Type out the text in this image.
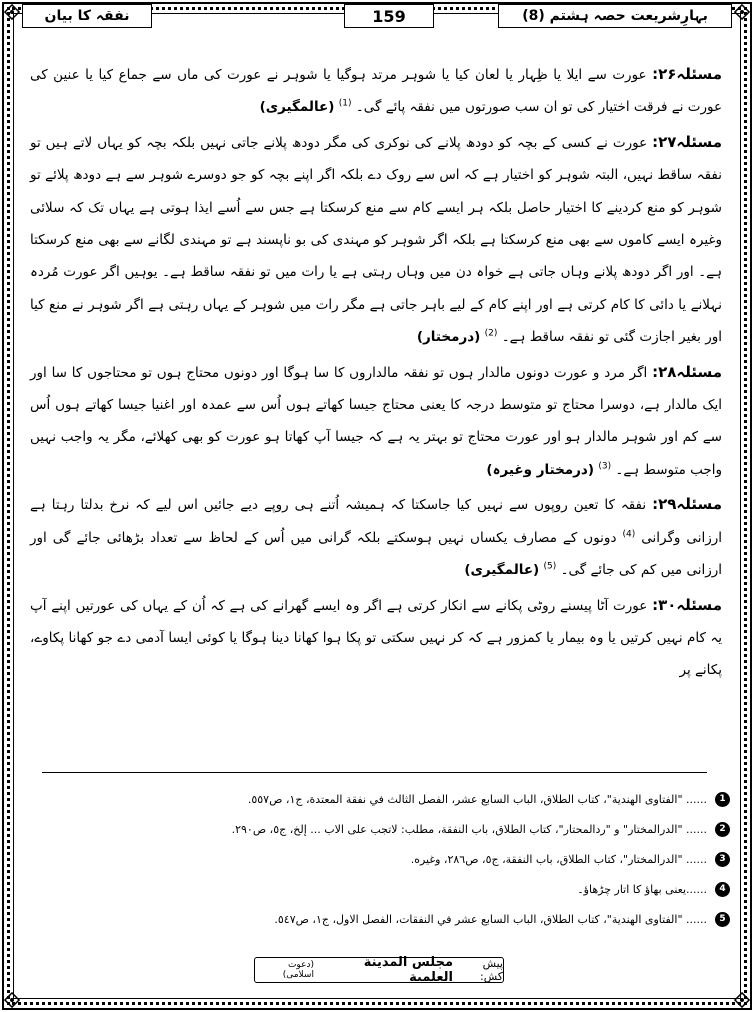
بہارِشریعت حصہ ہشتم (8)
159
نفقہ کا بیان

مسئلہ۲۶: عورت سے ایلا یا ظِہار یا لعان کیا یا شوہر مرتد ہوگیا یا شوہر نے عورت کی ماں سے جماع کیا یا عنین کی عورت نے فرقت اختیار کی تو ان سب صورتوں میں نفقہ پائے گی۔ $^{(1)}$ (عالمگیری)

مسئلہ۲۷: عورت نے کسی کے بچہ کو دودھ پلانے کی نوکری کی مگر دودھ پلانے جاتی نہیں بلکہ بچہ کو یہاں لاتے ہیں تو نفقہ ساقط نہیں، البتہ شوہر کو اختیار ہے کہ اس سے روک دے بلکہ اگر اپنے بچہ کو جو دوسرے شوہر سے ہے دودھ پلائے تو شوہر کو منع کردینے کا اختیار حاصل بلکہ ہر ایسے کام سے منع کرسکتا ہے جس سے اُسے ایذا ہوتی ہے یہاں تک کہ سلائی وغیرہ ایسے کاموں سے بھی منع کرسکتا ہے بلکہ اگر شوہر کو مہندی کی بو ناپسند ہے تو مہندی لگانے سے بھی منع کرسکتا ہے۔ اور اگر دودھ پلانے وہاں جاتی ہے خواہ دن میں وہاں رہتی ہے یا رات میں تو نفقہ ساقط ہے۔ یوہیں اگر عورت مُردہ نہلانے یا دائی کا کام کرتی ہے اور اپنے کام کے لیے باہر جاتی ہے مگر رات میں شوہر کے یہاں رہتی ہے اگر شوہر نے منع کیا اور بغیر اجازت گئی تو نفقہ ساقط ہے۔ $^{(2)}$ (درمختار)

مسئلہ۲۸: اگر مرد و عورت دونوں مالدار ہوں تو نفقہ مالداروں کا سا ہوگا اور دونوں محتاج ہوں تو محتاجوں کا سا اور ایک مالدار ہے، دوسرا محتاج تو متوسط درجہ کا یعنی محتاج جیسا کھاتے ہوں اُس سے عمدہ اور اغنیا جیسا کھاتے ہوں اُس سے کم اور شوہر مالدار ہو اور عورت محتاج تو بہتر یہ ہے کہ جیسا آپ کھاتا ہو عورت کو بھی کھلائے، مگر یہ واجب نہیں واجب متوسط ہے۔ $^{(3)}$ (درمختار وغیرہ)

مسئلہ۲۹: نفقہ کا تعین روپوں سے نہیں کیا جاسکتا کہ ہمیشہ اُتنے ہی روپے دیے جائیں اس لیے کہ نرخ بدلتا رہتا ہے ارزانی وگرانی $^{(4)}$ دونوں کے مصارف یکساں نہیں ہوسکتے بلکہ گرانی میں اُس کے لحاظ سے تعداد بڑھائی جائے گی اور ارزانی میں کم کی جائے گی۔ $^{(5)}$ (عالمگیری)

مسئلہ۳۰: عورت آٹا پیسنے روٹی پکانے سے انکار کرتی ہے اگر وہ ایسے گھرانے کی ہے کہ اُن کے یہاں کی عورتیں اپنے آپ یہ کام نہیں کرتیں یا وہ بیمار یا کمزور ہے کہ کر نہیں سکتی تو پکا ہوا کھانا دینا ہوگا یا کوئی ایسا آدمی دے جو کھانا پکاوے، پکانے پر

1
...... "الفتاوی الهندية"، كتاب الطلاق، الباب السابع عشر، الفصل الثالث في نفقة المعتدة، ج١، ص٥٥٧.
2
...... "الدرالمختار" و "ردالمحتار"، كتاب الطلاق، باب النفقة، مطلب: لاتجب على الاب ... إلخ، ج٥، ص٢٩٠.
3
...... "الدرالمختار"، كتاب الطلاق، باب النفقة، ج٥، ص٢٨٦، وغيره.
4
......یعنی بھاؤ کا اتار چڑھاؤ۔
5
...... "الفتاوی الهندية"، كتاب الطلاق، الباب السابع عشر في النفقات، الفصل الاول، ج١، ص٥٤٧.
پیش کش:
مجلس المدينة العلمية
(دعوت اسلامی)
